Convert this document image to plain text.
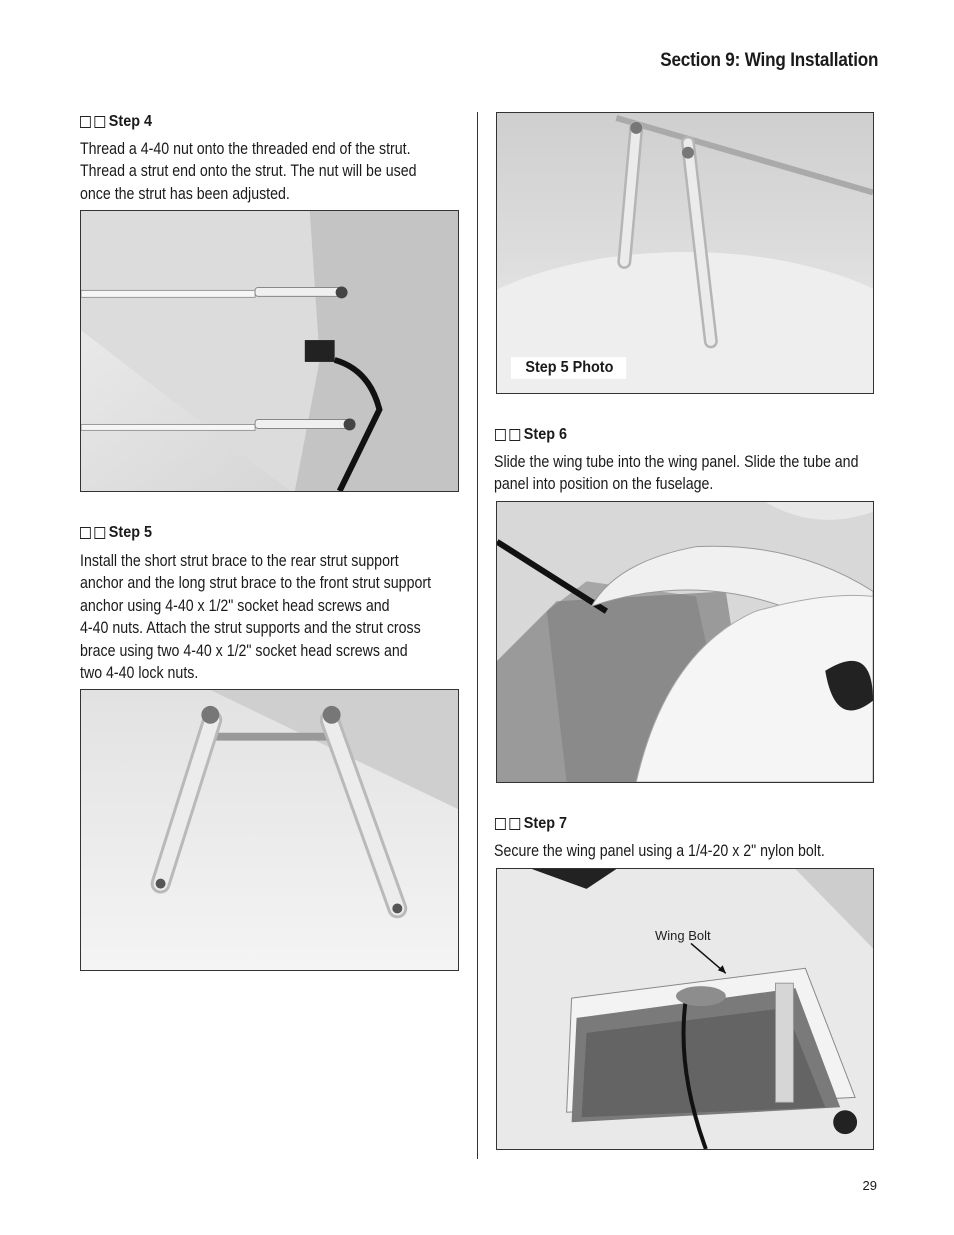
Section 9: Wing Installation
Step 4
Thread a 4-40 nut onto the threaded end of the strut.
Thread a strut end onto the strut. The nut will be used
once the strut has been adjusted.
Step 5
Install the short strut brace to the rear strut support
anchor and the long strut brace to the front strut support
anchor using 4-40 x 1/2" socket head screws and
4-40 nuts. Attach the strut supports and the strut cross
brace using two 4-40 x 1/2" socket head screws and
two 4-40 lock nuts.
Step 5 Photo
Step 6
Slide the wing tube into the wing panel. Slide the tube and
panel into position on the fuselage.
Step 7
Secure the wing panel using a 1/4-20 x 2" nylon bolt.
Wing Bolt
29
